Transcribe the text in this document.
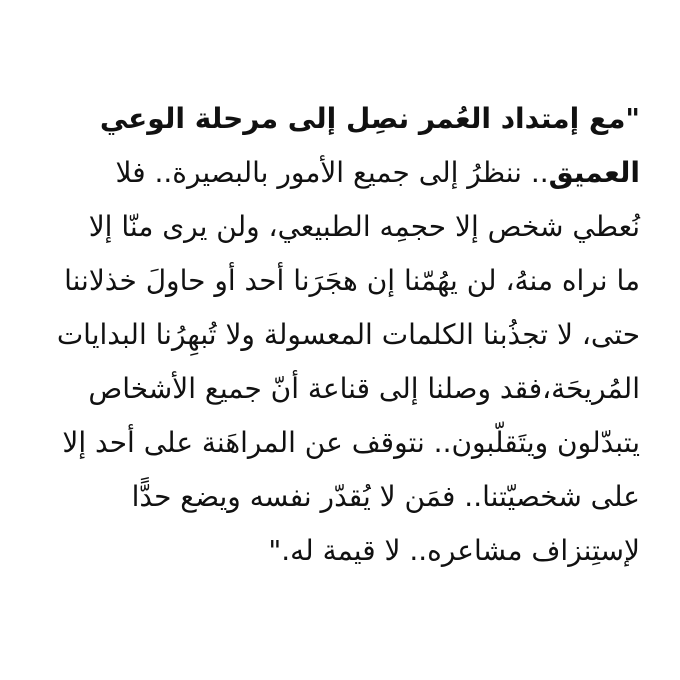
"مع إمتداد العُمر نصِل إلى مرحلة الوعي
العميق.. ننظرُ إلى جميع الأمور بالبصيرة.. فلا
نُعطي شخص إلا حجمِه الطبيعي، ولن يرى منّا إلا
ما نراه منهُ، لن يهُمّنا إن هجَرَنا أحد أو حاولَ خذلاننا
حتى، لا تجذُبنا الكلمات المعسولة ولا تُبهِرُنا البدايات
المُريحَة،فقد وصلنا إلى قناعة أنّ جميع الأشخاص
يتبدّلون ويتَقلّبون.. نتوقف عن المراهَنة على أحد إلا
على شخصيّتنا.. فمَن لا يُقدّر نفسه ويضع حدًّا
لإستِنزاف مشاعره.. لا قيمة له."
